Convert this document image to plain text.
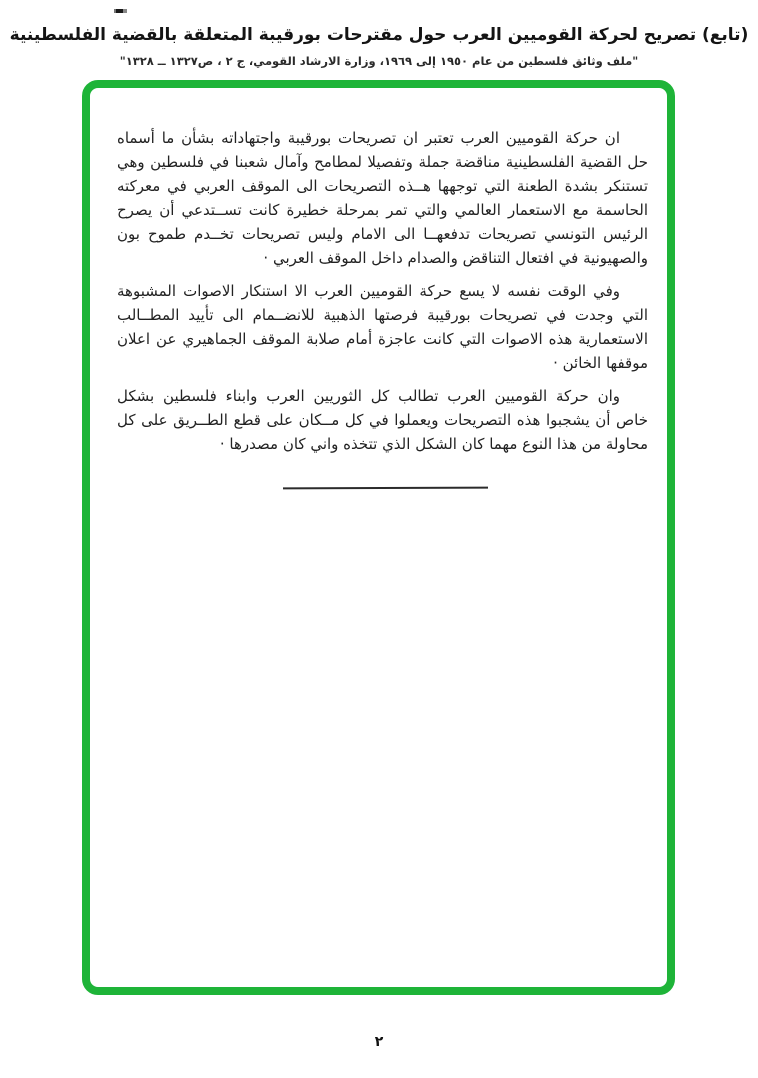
(تابع) تصريح لحركة القوميين العرب حول مقترحات بورقيبة المتعلقة بالقضية الفلسطينية
"ملف وثائق فلسطين من عام ١٩٥٠ إلى ١٩٦٩، وزارة الارشاد القومي، ج ٢ ، ص١٣٢٧ ــ ١٣٢٨"

ان حركة القوميين العرب تعتبر ان تصريحات بورقيبة واجتهاداته بشأن ما أسماه
حل القضية الفلسطينية مناقضة جملة وتفصيلا لمطامح وآمال شعبنا في فلسطين وهي
تستنكر بشدة الطعنة التي توجهها هــذه التصريحات الى الموقف العربي في معركته
الحاسمة مع الاستعمار العالمي والتي تمر بمرحلة خطيرة كانت تســتدعي أن يصرح
الرئيس التونسي تصريحات تدفعهــا الى الامام وليس تصريحات تخــدم طموح بون
والصهيونية في افتعال التناقض والصدام داخل الموقف العربي ·

وفي الوقت نفسه لا يسع حركة القوميين العرب الا استنكار الاصوات المشبوهة
التي وجدت في تصريحات بورقيبة فرصتها الذهبية للانضــمام الى تأييد المطــالب
الاستعمارية هذه الاصوات التي كانت عاجزة أمام صلابة الموقف الجماهيري عن اعلان
موقفها الخائن ·

وان حركة القوميين العرب تطالب كل الثوريين العرب وابناء فلسطين بشكل
خاص أن يشجبوا هذه التصريحات ويعملوا في كل مــكان على قطع الطــريق على كل
محاولة من هذا النوع مهما كان الشكل الذي تتخذه واني كان مصدرها ·

٢
